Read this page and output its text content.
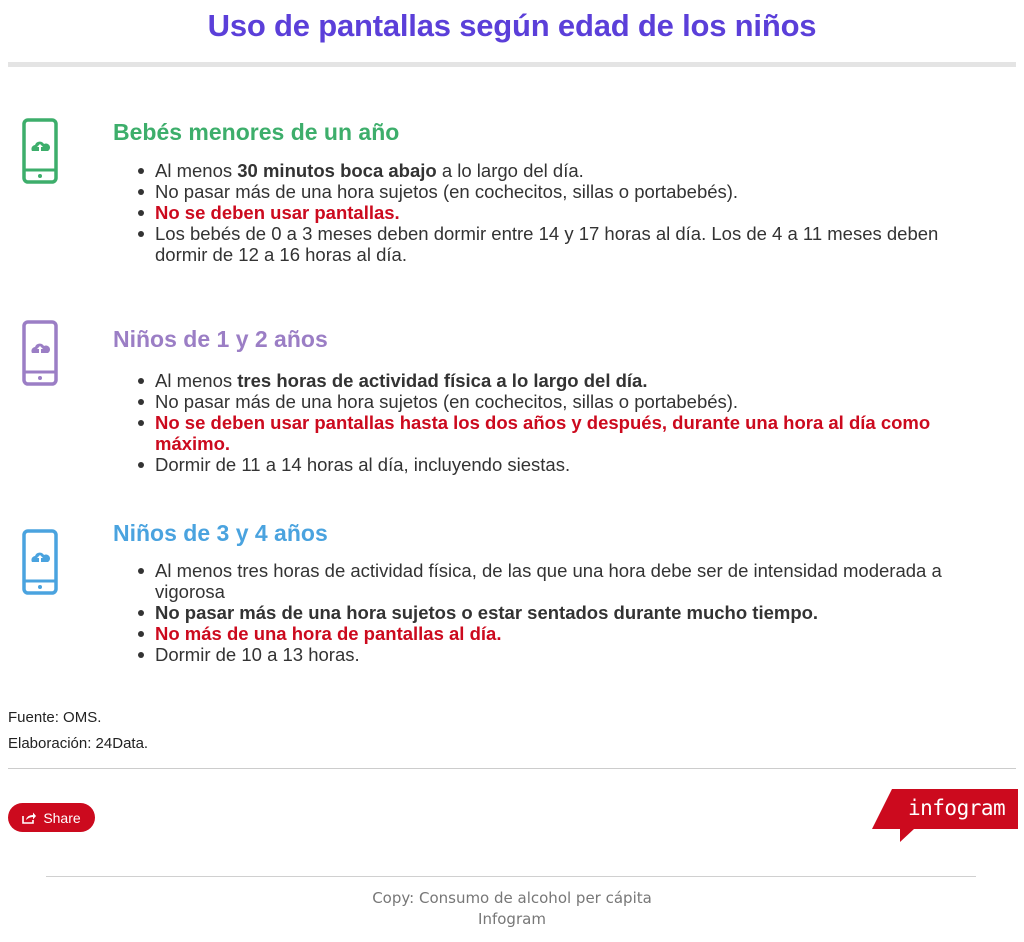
Uso de pantallas según edad de los niños
Bebés menores de un año
Al menos 30 minutos boca abajo a lo largo del día.
No pasar más de una hora sujetos (en cochecitos, sillas o portabebés).
No se deben usar pantallas.
Los bebés de 0 a 3 meses deben dormir entre 14 y 17 horas al día. Los de 4 a 11 meses deben dormir de 12 a 16 horas al día.
Niños de 1 y 2 años
Al menos tres horas de actividad física a lo largo del día.
No pasar más de una hora sujetos (en cochecitos, sillas o portabebés).
No se deben usar pantallas hasta los dos años y después, durante una hora al día como máximo.
Dormir de 11 a 14 horas al día, incluyendo siestas.
Niños de 3 y 4 años
Al menos tres horas de actividad física, de las que una hora debe ser de intensidad moderada a vigorosa
No pasar más de una hora sujetos o estar sentados durante mucho tiempo.
No más de una hora de pantallas al día.
Dormir de 10 a 13 horas.
Fuente: OMS.
Elaboración: 24Data.
Share	infogram
Copy: Consumo de alcohol per cápita
Infogram
